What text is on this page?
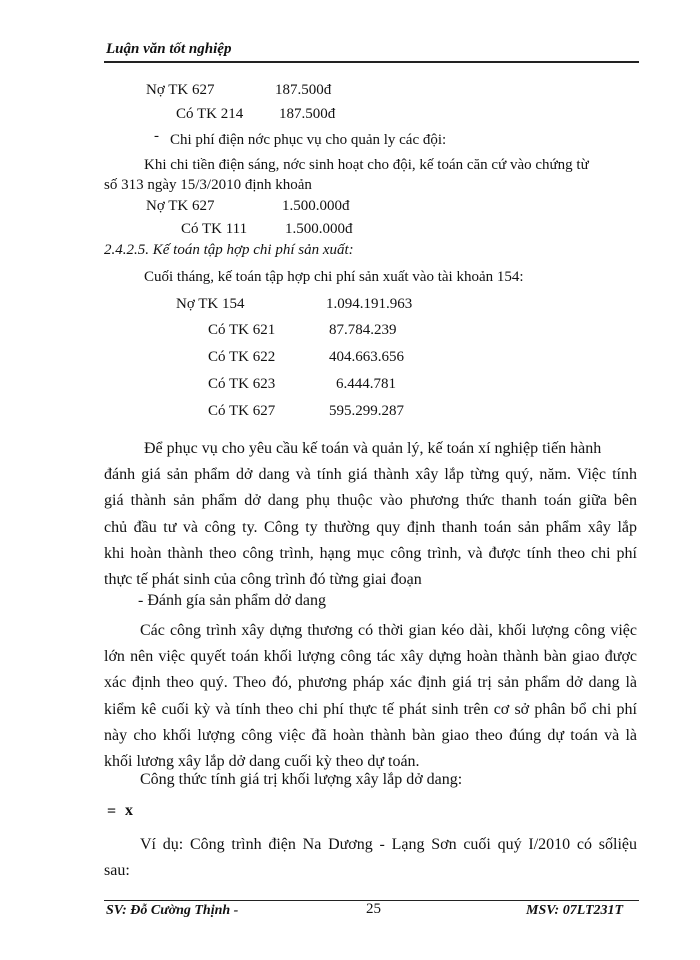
Luận văn tốt nghiệp
Nợ TK 627	187.500đ
Có TK 214 187.500đ
- Chi phí điện nớc phục vụ cho quản ly các đội:
Khi chi tiền điện sáng, nớc sinh hoạt cho đội, kế toán căn cứ vào chứng từ
số 313 ngày 15/3/2010 định khoản
Nợ TK 627	1.500.000đ
Có TK 111	1.500.000đ
2.4.2.5. Kế toán tập hợp chi phí sản xuất:
Cuối tháng, kế toán tập hợp chi phí sản xuất vào tài khoản 154:
Nợ TK 154	1.094.191.963
Có TK 621	87.784.239
Có TK 622	404.663.656
Có TK 623	6.444.781
Có TK 627	595.299.287
Để phục vụ cho yêu cầu kế toán và quản lý, kế toán xí nghiệp tiến hành
đánh giá sản phẩm dở dang và tính giá thành xây lắp từng quý, năm. Việc tính
giá thành sản phẩm dở dang phụ thuộc vào phương thức thanh toán giữa bên
chủ đầu tư và công ty. Công ty thường quy định thanh toán sản phẩm xây lắp
khi hoàn thành theo công trình, hạng mục công trình, và được tính theo chi phí
thực tế phát sinh của công trình đó từng giai đoạn
- Đánh gía sản phẩm dở dang
Các công trình xây dựng thương có thời gian kéo dài, khối lượng công việc
lớn nên việc quyết toán khối lượng công tác xây dựng hoàn thành bàn giao được
xác định theo quý. Theo đó, phương pháp xác định giá trị sản phẩm dở dang là
kiểm kê cuối kỳ và tính theo chi phí thực tế phát sinh trên cơ sở phân bổ chi phí
này cho khối lượng công việc đã hoàn thành bàn giao theo đúng dự toán và là
khối lương xây lắp dở dang cuối kỳ theo dự toán.
Công thức tính giá trị khối lượng xây lắp dở dang:
= x
Ví dụ: Công trình điện Na Dương - Lạng Sơn cuối quý I/2010 có sốliệu
sau:
SV: Đỗ Cường Thịnh -	25	MSV: 07LT231T
